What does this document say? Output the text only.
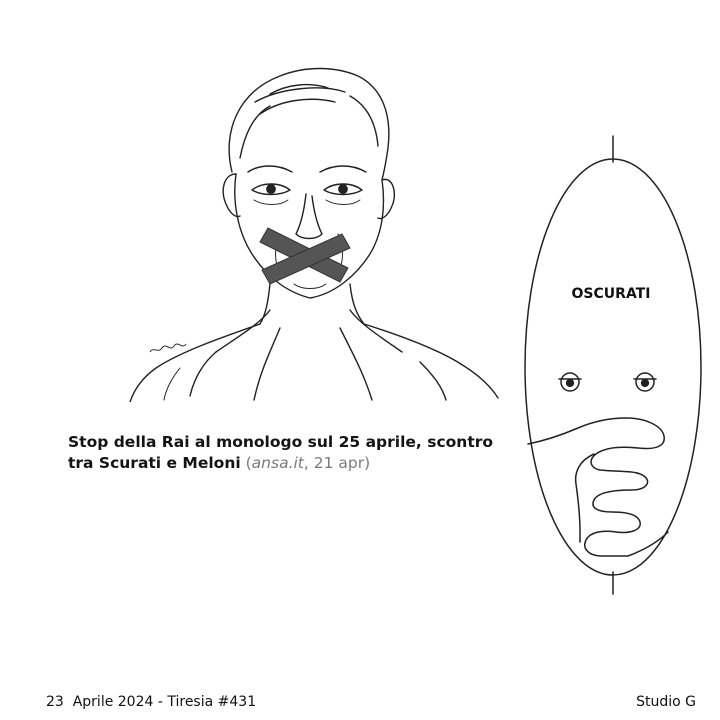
OSCURATI
Stop della Rai al monologo sul 25 aprile, scontro tra Scurati e Meloni (ansa.it, 21 apr)
23  Aprile 2024 - Tiresia #431	Studio G
